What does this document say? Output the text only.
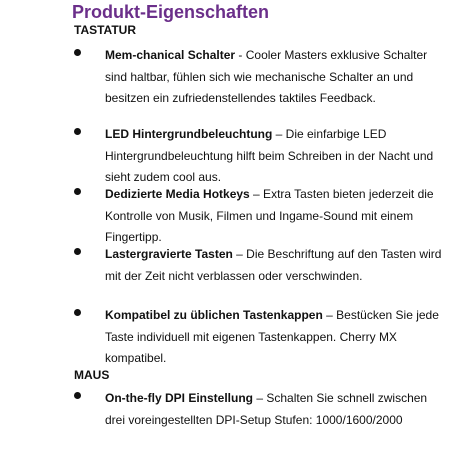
Produkt-Eigenschaften
TASTATUR
Mem-chanical Schalter - Cooler Masters exklusive Schalter sind haltbar, fühlen sich wie mechanische Schalter an und besitzen ein zufriedenstellendes taktiles Feedback.
LED Hintergrundbeleuchtung – Die einfarbige LED Hintergrundbeleuchtung hilft beim Schreiben in der Nacht und sieht zudem cool aus.
Dedizierte Media Hotkeys – Extra Tasten bieten jederzeit die Kontrolle von Musik, Filmen und Ingame-Sound mit einem Fingertipp.
Lastergravierte Tasten – Die Beschriftung auf den Tasten wird mit der Zeit nicht verblassen oder verschwinden.
Kompatibel zu üblichen Tastenkappen – Bestücken Sie jede Taste individuell mit eigenen Tastenkappen. Cherry MX kompatibel.
MAUS
On-the-fly DPI Einstellung – Schalten Sie schnell zwischen drei voreingestellten DPI-Setup Stufen: 1000/1600/2000
